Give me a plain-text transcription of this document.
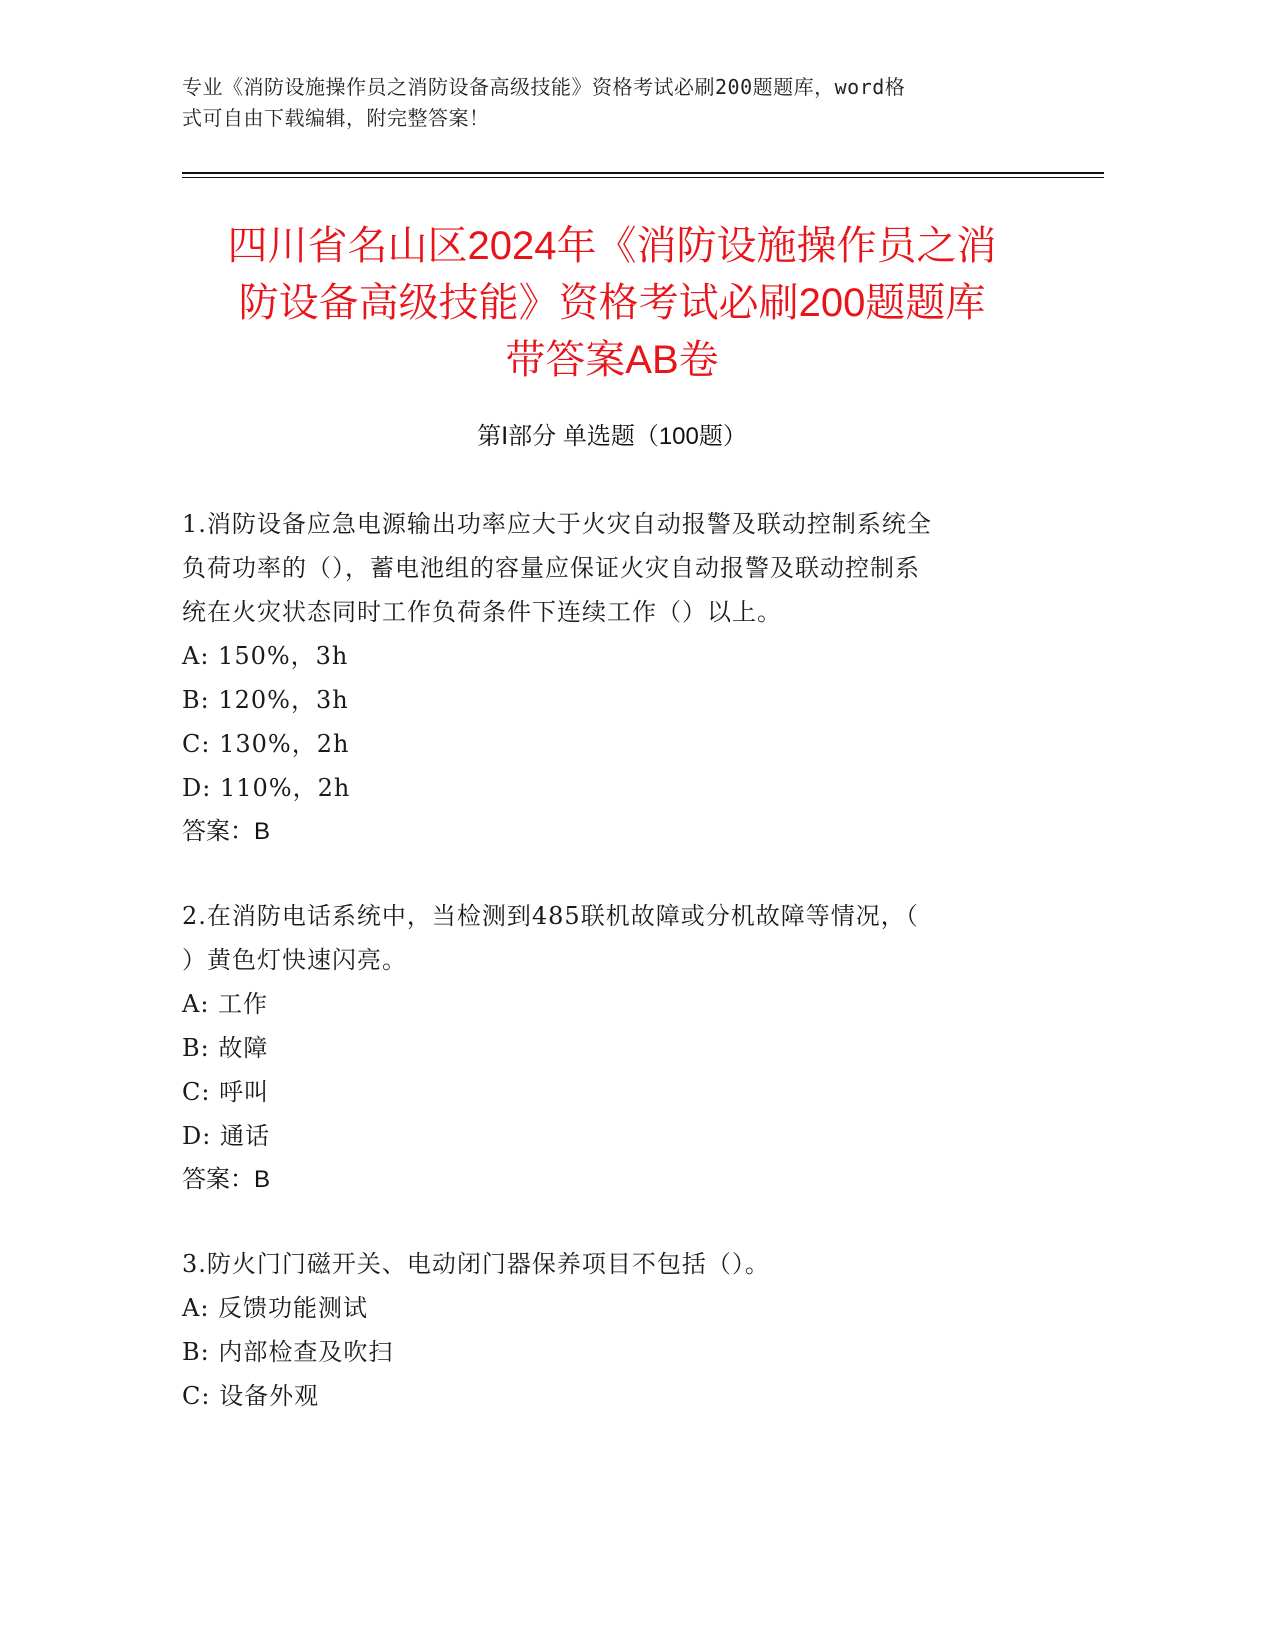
专业《消防设施操作员之消防设备高级技能》资格考试必刷200题题库，word格
式可自由下载编辑，附完整答案！
四川省名山区2024年《消防设施操作员之消
防设备高级技能》资格考试必刷200题题库
带答案AB卷
第Ⅰ部分 单选题（100题）
1.消防设备应急电源输出功率应大于火灾自动报警及联动控制系统全
负荷功率的（），蓄电池组的容量应保证火灾自动报警及联动控制系
统在火灾状态同时工作负荷条件下连续工作（）以上。
A: 150%，3h
B: 120%，3h
C: 130%，2h
D: 110%，2h
答案：B
2.在消防电话系统中，当检测到485联机故障或分机故障等情况，（
）黄色灯快速闪亮。
A: 工作
B: 故障
C: 呼叫
D: 通话
答案：B
3.防火门门磁开关、电动闭门器保养项目不包括（）。
A: 反馈功能测试
B: 内部检查及吹扫
C: 设备外观
